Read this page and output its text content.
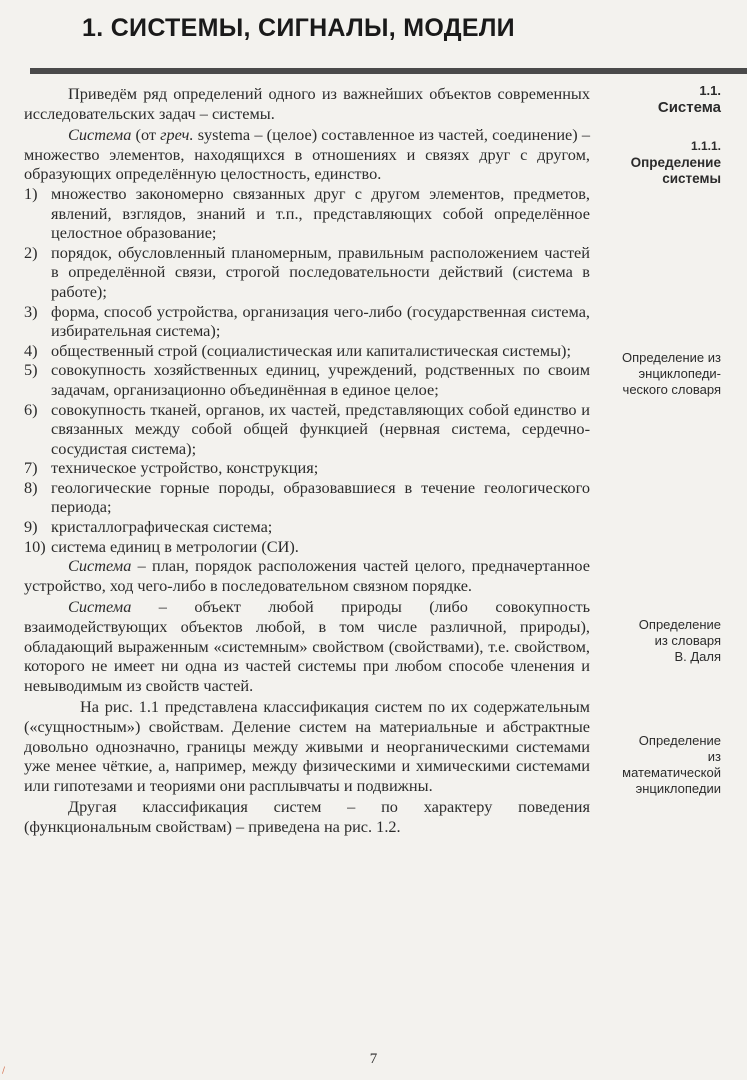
1. СИСТЕМЫ, СИГНАЛЫ, МОДЕЛИ
1.1.
Система
1.1.1.
Определение
системы
Определение из
энциклопеди-
ческого словаря
Определение
из словаря
В. Даля
Определение
из
математической
энциклопедии

Приведём ряд определений одного из важнейших объектов современных исследовательских задач – системы.

Система (от греч. systema – (целое) составленное из частей, соединение) – множество элементов, находящихся в отношениях и связях друг с другом, образующих определённую целостность, единство.

1) множество закономерно связанных друг с другом элементов, предметов, явлений, взглядов, знаний и т.п., представляющих собой определённое целостное образование;
2) порядок, обусловленный планомерным, правильным расположением частей в определённой связи, строгой последовательности действий (система в работе);
3) форма, способ устройства, организация чего-либо (государственная система, избирательная система);
4) общественный строй (социалистическая или капиталистическая системы);
5) совокупность хозяйственных единиц, учреждений, родственных по своим задачам, организационно объединённая в единое целое;
6) совокупность тканей, органов, их частей, представляющих собой единство и связанных между собой общей функцией (нервная система, сердечно-сосудистая система);
7) техническое устройство, конструкция;
8) геологические горные породы, образовавшиеся в течение геологического периода;
9) кристаллографическая система;
10) система единиц в метрологии (СИ).

Система – план, порядок расположения частей целого, предначертанное устройство, ход чего-либо в последовательном связном порядке.

Система – объект любой природы (либо совокупность взаимодействующих объектов любой, в том числе различной, природы), обладающий выраженным «системным» свойством (свойствами), т.е. свойством, которого не имеет ни одна из частей системы при любом способе членения и невыводимым из свойств частей.

На рис. 1.1 представлена классификация систем по их содержательным («сущностным») свойствам. Деление систем на материальные и абстрактные довольно однозначно, границы между живыми и неорганическими системами уже менее чёткие, а, например, между физическими и химическими системами или гипотезами и теориями они расплывчаты и подвижны.

Другая классификация систем – по характеру поведения (функциональным свойствам) – приведена на рис. 1.2.

7
/
